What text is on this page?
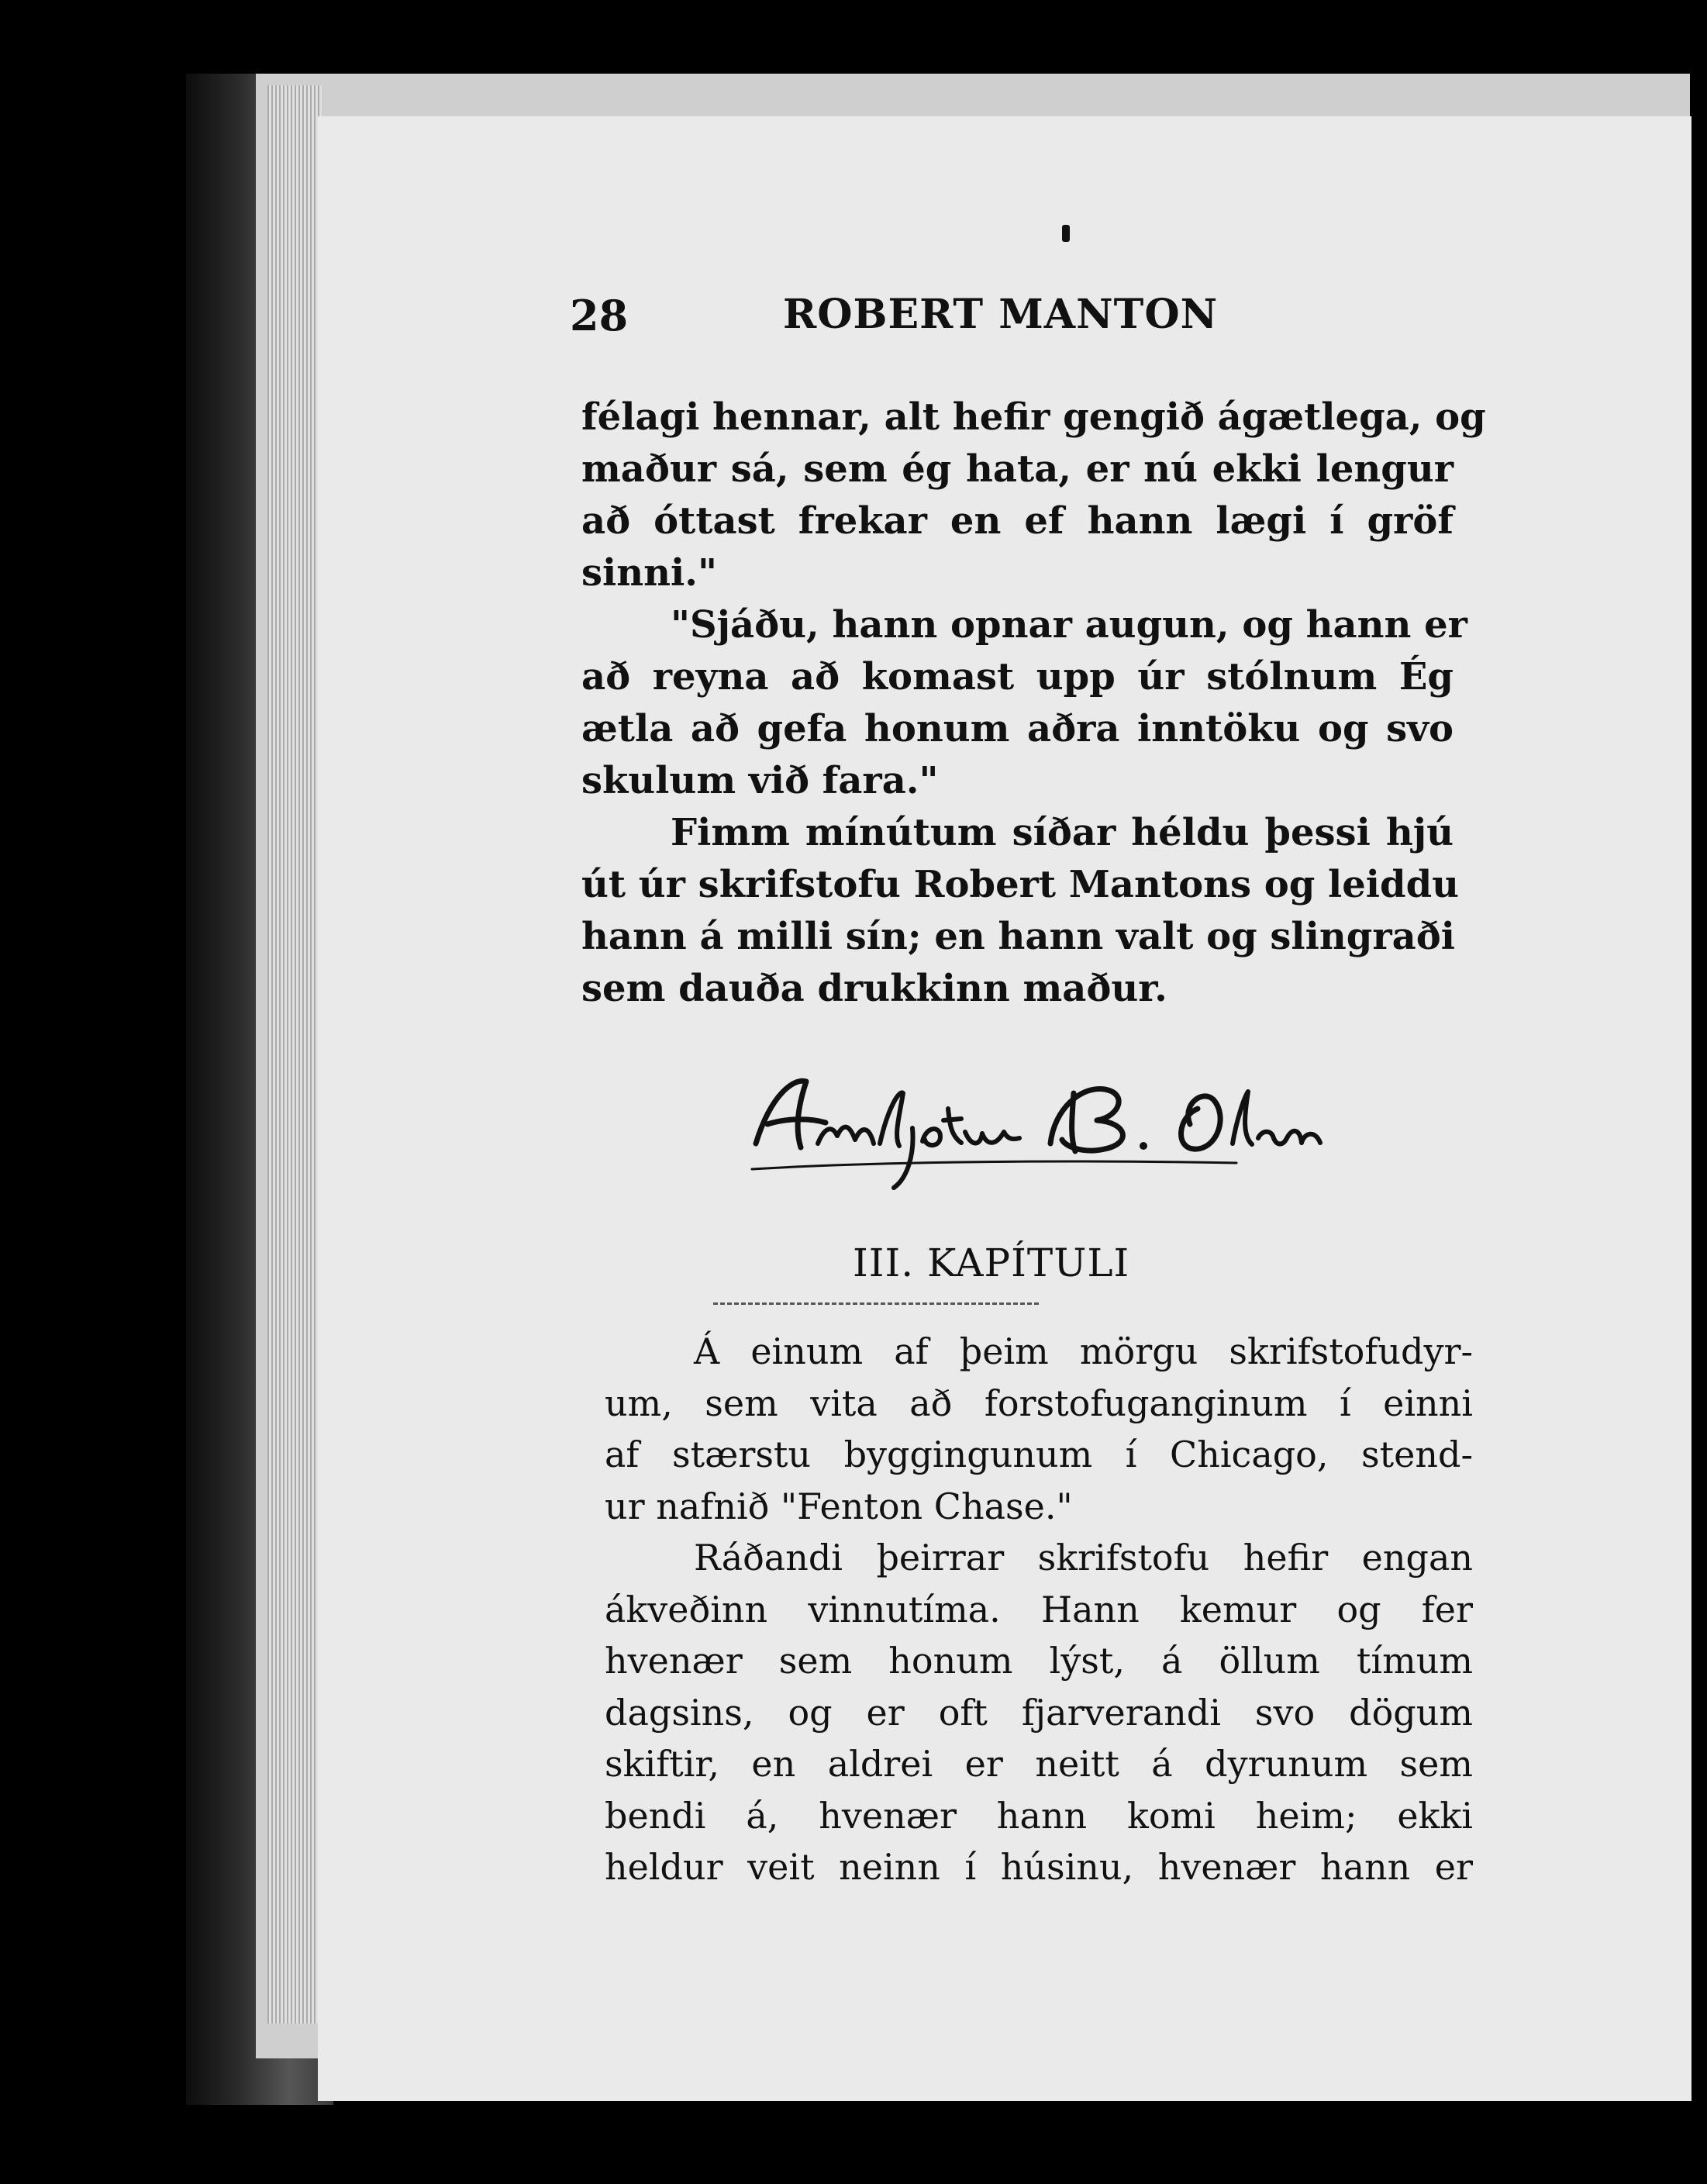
28	ROBERT MANTON
félagi hennar, alt hefir gengið ágætlega, og
maður sá, sem ég hata, er nú ekki lengur
að óttast frekar en ef hann lægi í gröf
sinni."
"Sjáðu, hann opnar augun, og hann er
að reyna að komast upp úr stólnum Ég
ætla að gefa honum aðra inntöku og svo
skulum við fara."
Fimm mínútum síðar héldu þessi hjú
út úr skrifstofu Robert Mantons og leiddu
hann á milli sín; en hann valt og slingraði
sem dauða drukkinn maður.
III. KAPÍTULI
Á einum af þeim mörgu skrifstofudyr-
um, sem vita að forstofuganginum í einni
af stærstu byggingunum í Chicago, stend-
ur nafnið "Fenton Chase."
Ráðandi þeirrar skrifstofu hefir engan
ákveðinn vinnutíma. Hann kemur og fer
hvenær sem honum lýst, á öllum tímum
dagsins, og er oft fjarverandi svo dögum
skiftir, en aldrei er neitt á dyrunum sem
bendi á, hvenær hann komi heim; ekki
heldur veit neinn í húsinu, hvenær hann er
